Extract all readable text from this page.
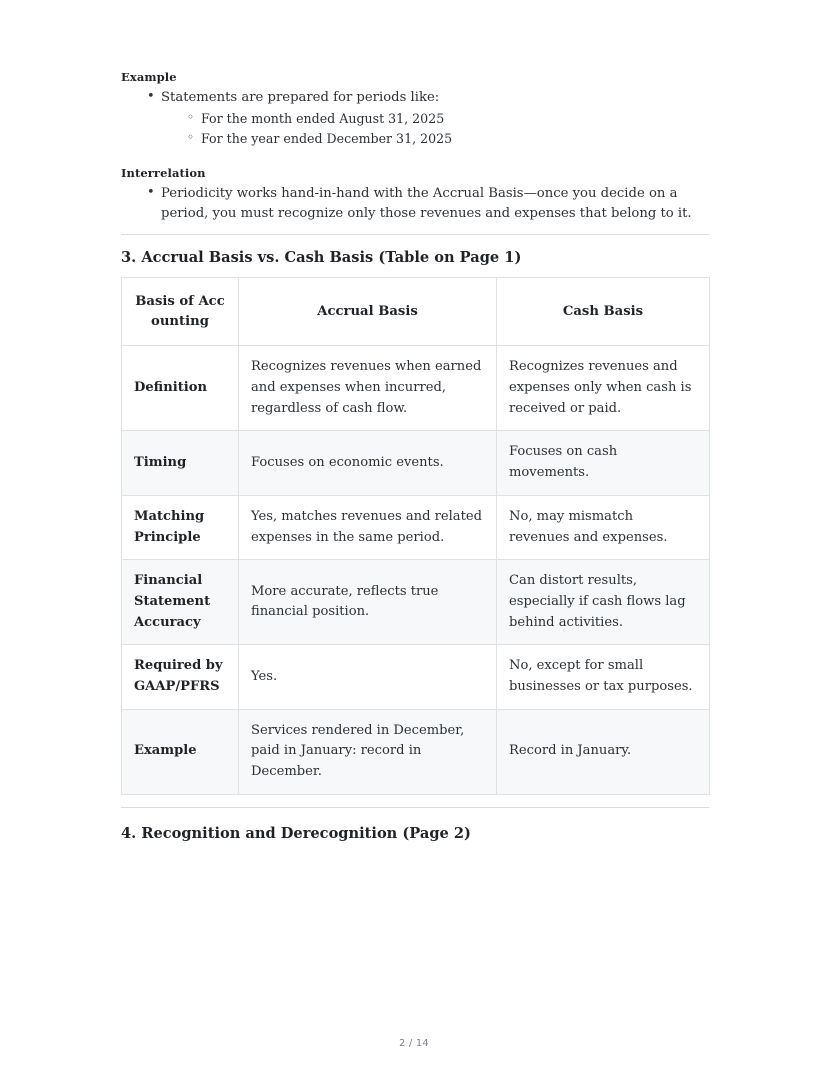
Example
• Statements are prepared for periods like:
◦ For the month ended August 31, 2025
◦ For the year ended December 31, 2025
Interrelation
• Periodicity works hand-in-hand with the Accrual Basis—once you decide on a period, you must recognize only those revenues and expenses that belong to it.
3. Accrual Basis vs. Cash Basis (Table on Page 1)
Basis of Accounting	Accrual Basis	Cash Basis
Definition	Recognizes revenues when earned and expenses when incurred, regardless of cash flow.	Recognizes revenues and expenses only when cash is received or paid.
Timing	Focuses on economic events.	Focuses on cash movements.
Matching Principle	Yes, matches revenues and related expenses in the same period.	No, may mismatch revenues and expenses.
Financial Statement Accuracy	More accurate, reflects true financial position.	Can distort results, especially if cash flows lag behind activities.
Required by GAAP/PFRS	Yes.	No, except for small businesses or tax purposes.
Example	Services rendered in December, paid in January: record in December.	Record in January.
4. Recognition and Derecognition (Page 2)
2 / 14
